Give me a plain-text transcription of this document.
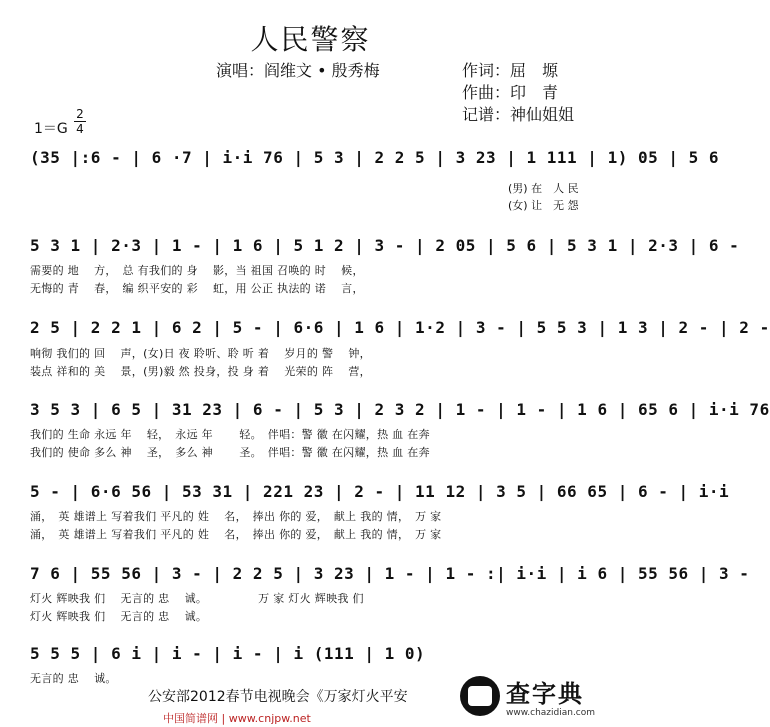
人民警察
演唱：阎维文 • 殷秀梅	作词：屈　塬
作曲：印　青
记谱：神仙姐姐
1＝G
2
4
(35 |:6 - | 6 ·7 | i·i 76 | 5 3 | 2 2 5 | 3 23 | 1 111 | 1) 05 | 5 6
(男) 在　人 民
(女) 让　无 怨
5 3 1 | 2·3 | 1 - | 1 6 | 5 1 2 | 3 - | 2 05 | 5 6 | 5 3 1 | 2·3 | 6 -
需要的 地　 方，　总 有我们的 身　 影，当 祖国 召唤的 时　 候，
无悔的 青　 春，　编 织平安的 彩　 虹，用 公正 执法的 诺　 言，
2 5 | 2 2 1 | 6 2 | 5 - | 6·6 | 1 6 | 1·2 | 3 - | 5 5 3 | 1 3 | 2 - | 2 -
响彻 我们的 回　 声，(女)日 夜 聆听、聆 听 着　 岁月的 警　 钟，
装点 祥和的 美　 景，(男)毅 然 投身，投 身 着　 光荣的 阵　 营，
3 5 3 | 6 5 | 31 23 | 6 - | 5 3 | 2 3 2 | 1 - | 1 - | 1 6 | 65 6 | i·i 76
我们的 生命 永远 年　 轻，　永远 年　　 轻。　伴唱：警 徽 在闪耀，热 血 在奔
我们的 使命 多么 神　 圣，　多么 神　　 圣。　伴唱：警 徽 在闪耀，热 血 在奔
5 - | 6·6 56 | 53 31 | 221 23 | 2 - | 11 12 | 3 5 | 66 65 | 6 - | i·i
涌，　英 雄谱上 写着我们 平凡的 姓　 名，　捧出 你的 爱，　献上 我的 情，　万 家
涌，　英 雄谱上 写着我们 平凡的 姓　 名，　捧出 你的 爱，　献上 我的 情，　万 家
7 6 | 55 56 | 3 - | 2 2 5 | 3 23 | 1 - | 1 - :| i·i | i 6 | 55 56 | 3 -
灯火 辉映我 们　 无言的 忠　 诚。　　　　　万 家 灯火 辉映我 们
灯火 辉映我 们　 无言的 忠　 诚。
5 5 5 | 6 i | i - | i - | i (111 | 1 0)
无言的 忠　 诚。
公安部2012春节电视晚会《万家灯火平安
中国简谱网 | www.cnjpw.net
查字典
www.chazidian.com
